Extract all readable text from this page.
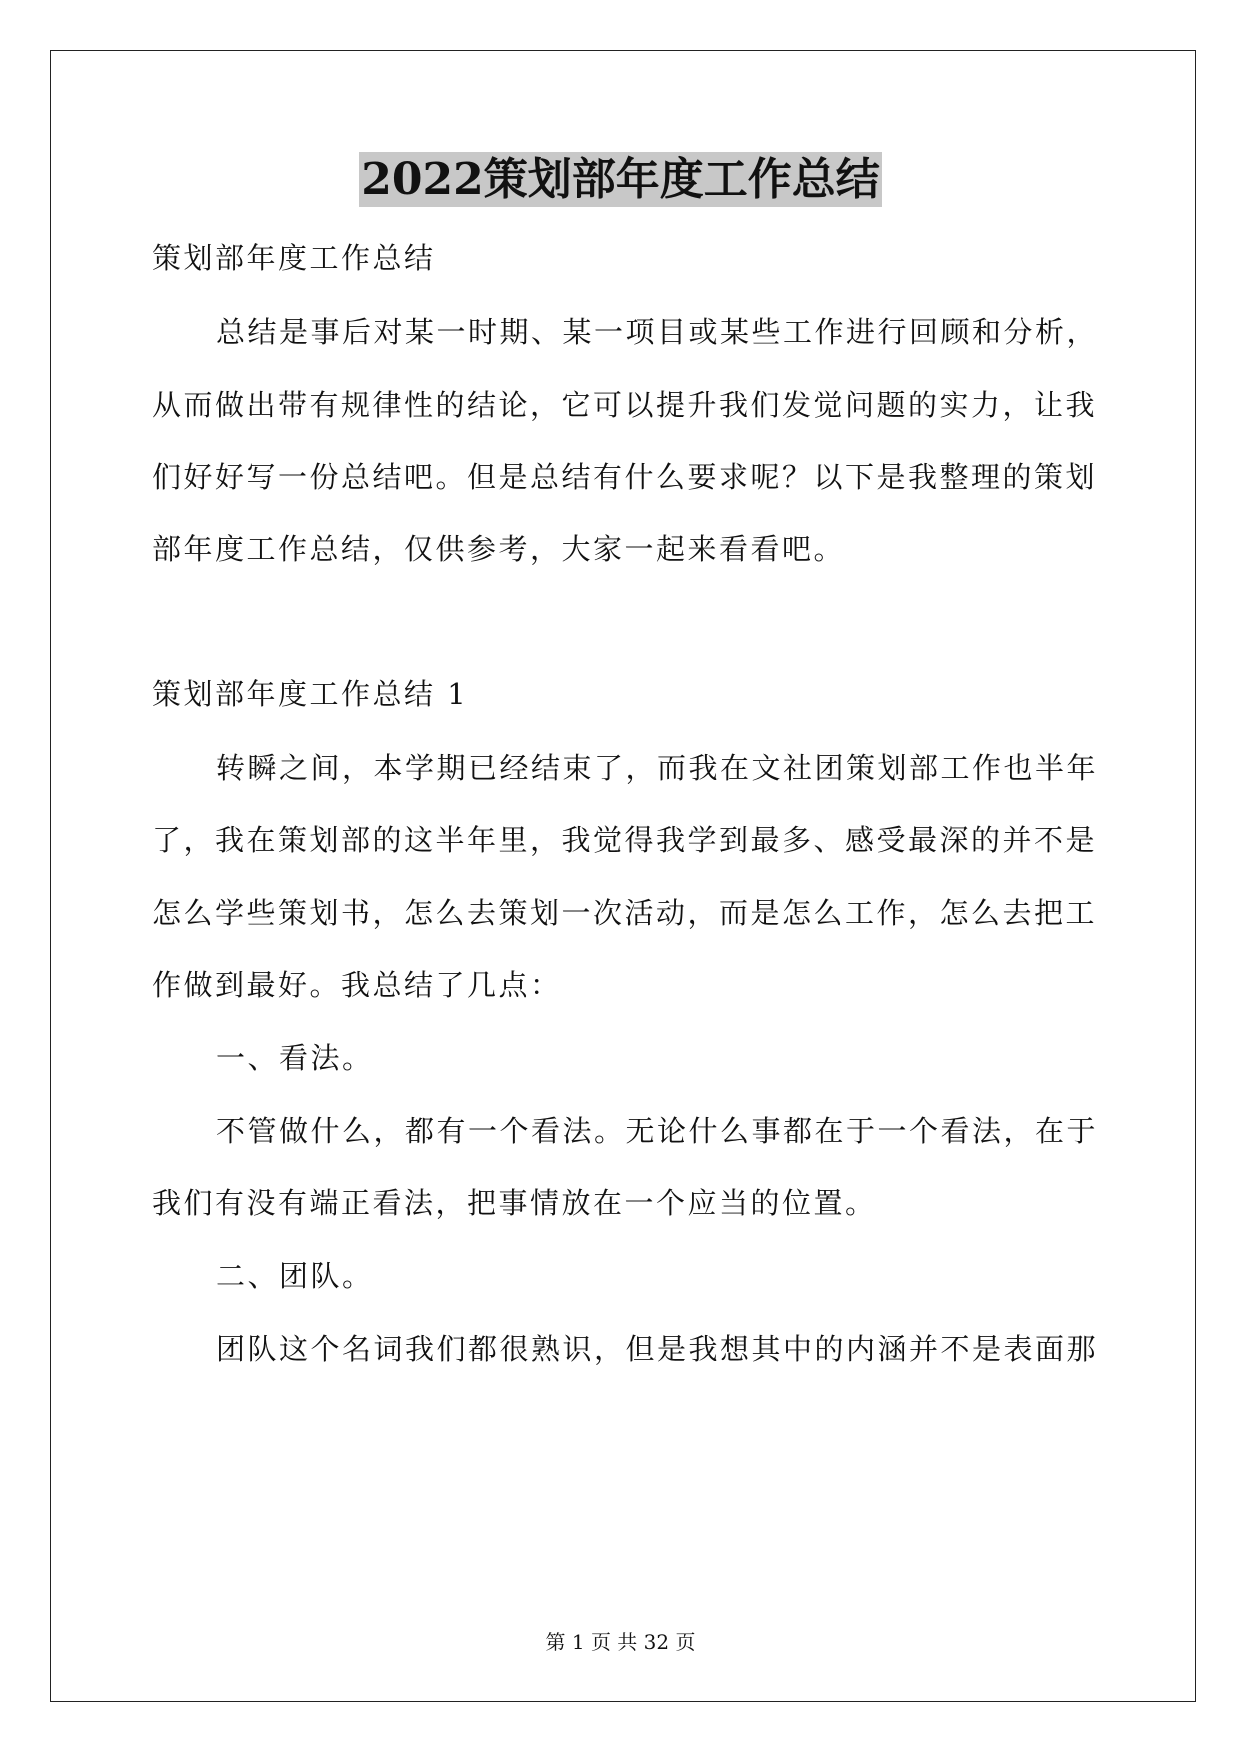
2022策划部年度工作总结
策划部年度工作总结
总结是事后对某一时期、某一项目或某些工作进行回顾和分析，
从而做出带有规律性的结论，它可以提升我们发觉问题的实力，让我
们好好写一份总结吧。但是总结有什么要求呢？以下是我整理的策划
部年度工作总结，仅供参考，大家一起来看看吧。
策划部年度工作总结 1
转瞬之间，本学期已经结束了，而我在文社团策划部工作也半年
了，我在策划部的这半年里，我觉得我学到最多、感受最深的并不是
怎么学些策划书，怎么去策划一次活动，而是怎么工作，怎么去把工
作做到最好。我总结了几点：
一、看法。
不管做什么，都有一个看法。无论什么事都在于一个看法，在于
我们有没有端正看法，把事情放在一个应当的位置。
二、团队。
团队这个名词我们都很熟识，但是我想其中的内涵并不是表面那
第 1 页 共 32 页
